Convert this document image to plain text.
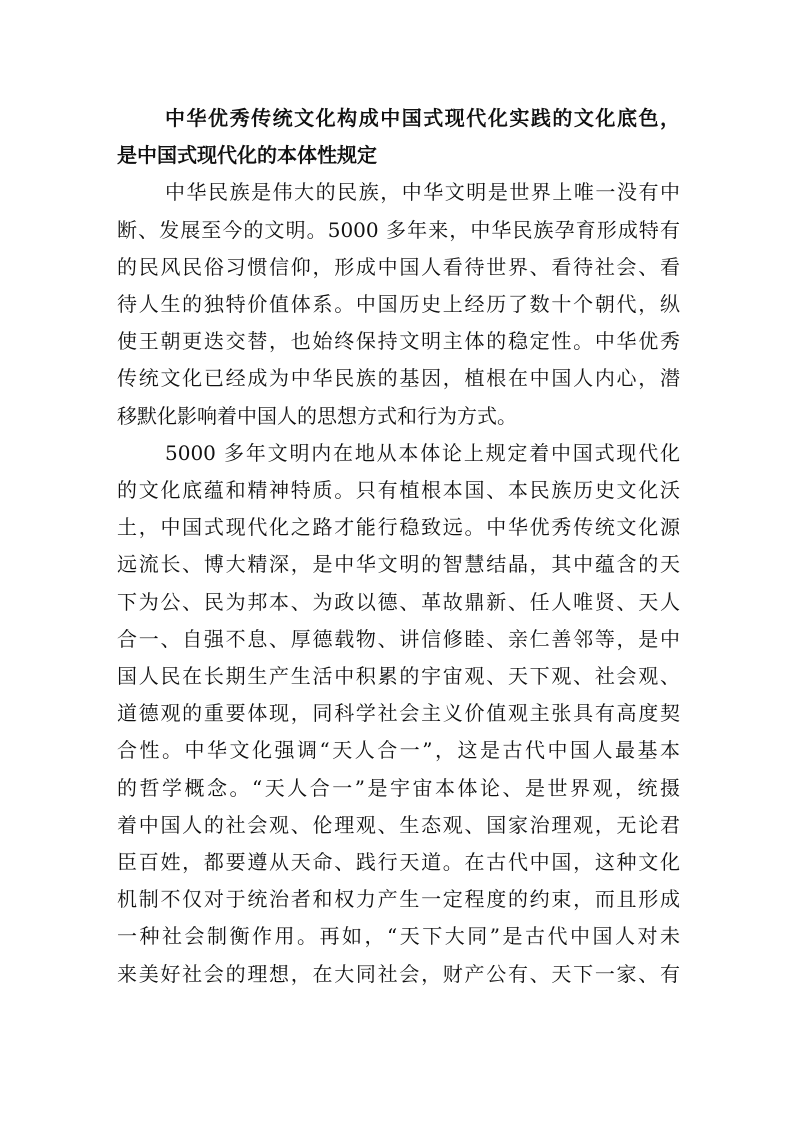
中华优秀传统文化构成中国式现代化实践的文化底色，
是中国式现代化的本体性规定
中华民族是伟大的民族，中华文明是世界上唯一没有中
断、发展至今的文明。5000 多年来，中华民族孕育形成特有
的民风民俗习惯信仰，形成中国人看待世界、看待社会、看
待人生的独特价值体系。中国历史上经历了数十个朝代，纵
使王朝更迭交替，也始终保持文明主体的稳定性。中华优秀
传统文化已经成为中华民族的基因，植根在中国人内心，潜
移默化影响着中国人的思想方式和行为方式。
5000 多年文明内在地从本体论上规定着中国式现代化
的文化底蕴和精神特质。只有植根本国、本民族历史文化沃
土，中国式现代化之路才能行稳致远。中华优秀传统文化源
远流长、博大精深，是中华文明的智慧结晶，其中蕴含的天
下为公、民为邦本、为政以德、革故鼎新、任人唯贤、天人
合一、自强不息、厚德载物、讲信修睦、亲仁善邻等，是中
国人民在长期生产生活中积累的宇宙观、天下观、社会观、
道德观的重要体现，同科学社会主义价值观主张具有高度契
合性。中华文化强调“天人合一”，这是古代中国人最基本
的哲学概念。“天人合一”是宇宙本体论、是世界观，统摄
着中国人的社会观、伦理观、生态观、国家治理观，无论君
臣百姓，都要遵从天命、践行天道。在古代中国，这种文化
机制不仅对于统治者和权力产生一定程度的约束，而且形成
一种社会制衡作用。再如，“天下大同”是古代中国人对未
来美好社会的理想，在大同社会，财产公有、天下一家、有
